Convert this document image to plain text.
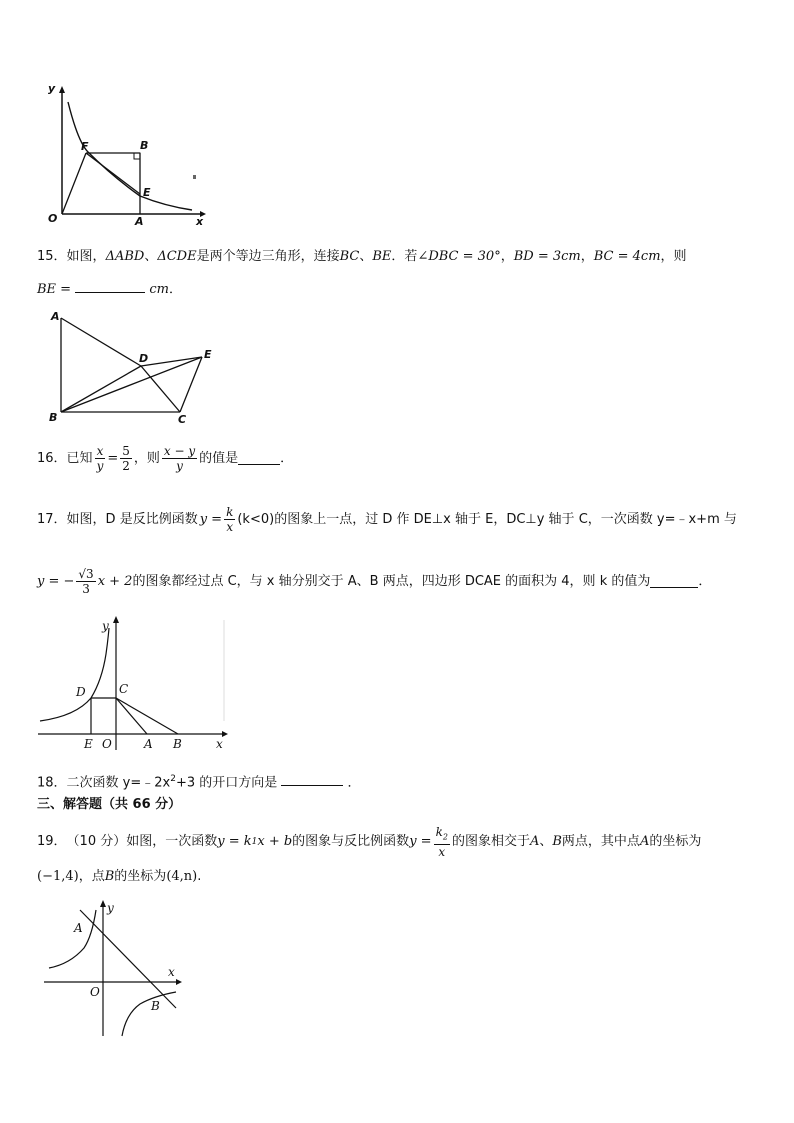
y
x
O	A
B
E
F
15．如图，ΔABD、ΔCDE是两个等边三角形，连接BC、BE．若∠DBC = 30°，BD = 3cm，BC = 4cm，则
BE =	cm．
A
B	C
D	E
16． 已知 $\frac{x}{y} = \frac{5}{2}$ ，则 $\frac{x - y}{y}$ 的值是	．
17． 如图，D 是反比例函数 $y = \frac{k}{x} (k<0)$的图象上一点，过 D 作 DE⊥x 轴于 E，DC⊥y 轴于 C，一次函数 y=﹣x+m 与
y = − $\frac{√3}{3}$ x + 2 的图象都经过点 C，与 x 轴分别交于 A、B 两点，四边形 DCAE 的面积为 4，则 k 的值为	．
y
x
D	C
E O	A B
18．二次函数 $y=﹣2x^2+3$ 的开口方向是	．
三、解答题（共 66 分）
19． （10 分）如图，一次函数 y = k 1 x + b 的图象与反比例函数 $y = \frac{k_2}{x}$ 的图象相交于 A 、 B 两点，其中点 A 的坐标为
(−1,4)，点B的坐标为(4,n).
y
x
O
A
B
